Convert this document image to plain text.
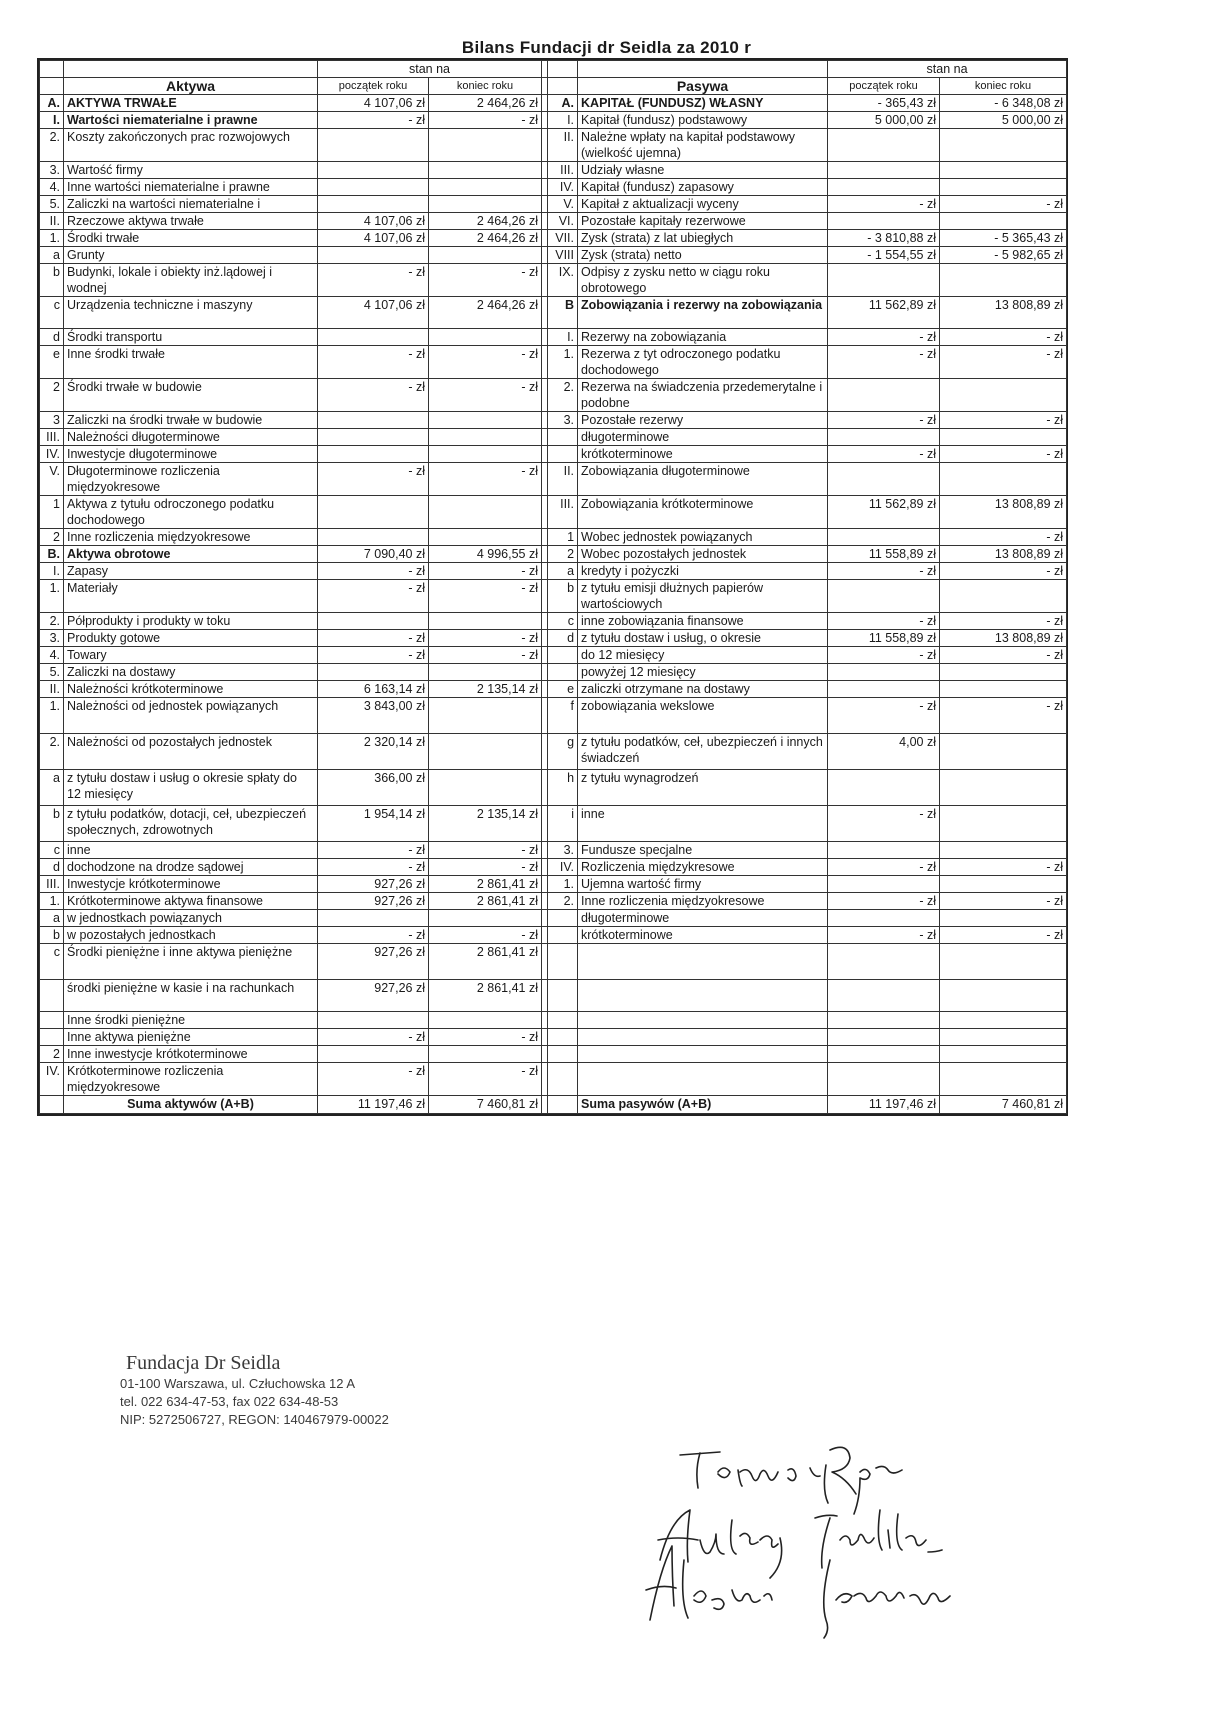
Bilans Fundacji dr Seidla za 2010 r
		stan na					stan na	
	Aktywa	początek roku	koniec roku			Pasywa	początek roku	koniec roku
A.	AKTYWA TRWAŁE	4 107,06 zł	2 464,26 zł		A.	KAPITAŁ (FUNDUSZ) WŁASNY	- 365,43 zł	- 6 348,08 zł
I.	Wartości niematerialne i prawne	- zł	- zł		I.	Kapitał (fundusz) podstawowy	5 000,00 zł	5 000,00 zł
2.	Koszty zakończonych prac rozwojowych				II.	Należne wpłaty na kapitał podstawowy (wielkość ujemna)		
3.	Wartość firmy				III.	Udziały własne		
4.	Inne wartości niematerialne i prawne				IV.	Kapitał (fundusz) zapasowy		
5.	Zaliczki na wartości niematerialne i				V.	Kapitał z aktualizacji wyceny	- zł	- zł
II.	Rzeczowe aktywa trwałe	4 107,06 zł	2 464,26 zł		VI.	Pozostałe kapitały rezerwowe		
1.	Środki trwałe	4 107,06 zł	2 464,26 zł		VII.	Zysk (strata) z lat ubiegłych	- 3 810,88 zł	- 5 365,43 zł
a	Grunty				VIII	Zysk (strata) netto	- 1 554,55 zł	- 5 982,65 zł
b	Budynki, lokale i obiekty inż.lądowej i wodnej	- zł	- zł		IX.	Odpisy z zysku netto w ciągu roku obrotowego		
c	Urządzenia techniczne i maszyny	4 107,06 zł	2 464,26 zł		B	Zobowiązania i rezerwy na zobowiązania	11 562,89 zł	13 808,89 zł
d	Środki transportu				I.	Rezerwy na zobowiązania	- zł	- zł
e	Inne środki trwałe	- zł	- zł		1.	Rezerwa z tyt odroczonego podatku dochodowego	- zł	- zł
2	Środki trwałe w budowie	- zł	- zł		2.	Rezerwa na świadczenia przedemerytalne i podobne		
3	Zaliczki na środki trwałe w budowie				3.	Pozostałe rezerwy	- zł	- zł
III.	Należności długoterminowe					długoterminowe		
IV.	Inwestycje długoterminowe					krótkoterminowe	- zł	- zł
V.	Długoterminowe rozliczenia międzyokresowe	- zł	- zł		II.	Zobowiązania długoterminowe		
1	Aktywa z tytułu odroczonego podatku dochodowego				III.	Zobowiązania krótkoterminowe	11 562,89 zł	13 808,89 zł
2	Inne rozliczenia międzyokresowe				1	Wobec jednostek powiązanych		- zł
B.	Aktywa obrotowe	7 090,40 zł	4 996,55 zł		2	Wobec pozostałych jednostek	11 558,89 zł	13 808,89 zł
I.	Zapasy	- zł	- zł		a	kredyty i pożyczki	- zł	- zł
1.	Materiały	- zł	- zł		b	z tytułu emisji dłużnych papierów wartościowych		
2.	Półprodukty i produkty w toku				c	inne zobowiązania finansowe	- zł	- zł
3.	Produkty gotowe	- zł	- zł		d	z tytułu dostaw i usług, o okresie	11 558,89 zł	13 808,89 zł
4.	Towary	- zł	- zł			do 12 miesięcy	- zł	- zł
5.	Zaliczki na dostawy					powyżej 12 miesięcy		
II.	Należności krótkoterminowe	6 163,14 zł	2 135,14 zł		e	zaliczki otrzymane na dostawy		
1.	Należności od jednostek powiązanych	3 843,00 zł			f	zobowiązania wekslowe	- zł	- zł
2.	Należności od pozostałych jednostek	2 320,14 zł			g	z tytułu podatków, ceł, ubezpieczeń i innych świadczeń	4,00 zł	
a	z tytułu dostaw i usług o okresie spłaty do 12 miesięcy	366,00 zł			h	z tytułu wynagrodzeń		
b	z tytułu podatków, dotacji, ceł, ubezpieczeń społecznych, zdrowotnych	1 954,14 zł	2 135,14 zł		i	inne	- zł	
c	inne	- zł	- zł		3.	Fundusze specjalne		
d	dochodzone na drodze sądowej	- zł	- zł		IV.	Rozliczenia międzykresowe	- zł	- zł
III.	Inwestycje krótkoterminowe	927,26 zł	2 861,41 zł		1.	Ujemna wartość firmy		
1.	Krótkoterminowe aktywa finansowe	927,26 zł	2 861,41 zł		2.	Inne rozliczenia międzyokresowe	- zł	- zł
a	w jednostkach powiązanych					długoterminowe		
b	w pozostałych jednostkach	- zł	- zł			krótkoterminowe	- zł	- zł
c	Środki pieniężne i inne aktywa pieniężne	927,26 zł	2 861,41 zł					
	środki pieniężne w kasie i na rachunkach	927,26 zł	2 861,41 zł					
	Inne środki pieniężne							
	Inne aktywa pieniężne	- zł	- zł					
2	Inne inwestycje krótkoterminowe							
IV.	Krótkoterminowe rozliczenia międzyokresowe	- zł	- zł					
	Suma aktywów (A+B)	11 197,46 zł	7 460,81 zł			Suma pasywów (A+B)	11 197,46 zł	7 460,81 zł
Fundacja Dr Seidla
01-100 Warszawa, ul. Człuchowska 12 A
tel. 022 634-47-53, fax 022 634-48-53
NIP: 5272506727, REGON: 140467979-00022
